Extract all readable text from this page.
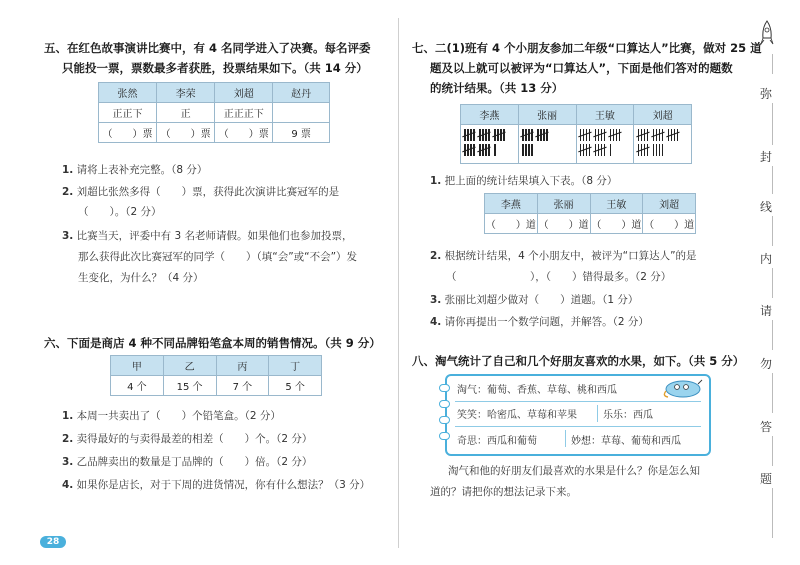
五、在红色故事演讲比赛中，有 4 名同学进入了决赛。每名评委
只能投一票，票数最多者获胜，投票结果如下。（共 14 分）
张然	李荣	刘超	赵丹
正正下	正	正正正下	
（　　）票	（　　）票	（　　）票	9 票
1. 请将上表补充完整。（8 分）
2. 刘超比张然多得（　　）票，获得此次演讲比赛冠军的是
（　　）。（2 分）
3. 比赛当天，评委中有 3 名老师请假。如果他们也参加投票，
那么获得此次比赛冠军的同学（　　）（填“会”或“不会”）发
生变化，为什么？（4 分）
六、下面是商店 4 种不同品牌铅笔盒本周的销售情况。（共 9 分）
甲	乙	丙	丁
4 个	15 个	7 个	5 个
1. 本周一共卖出了（　　）个铅笔盒。（2 分）
2. 卖得最好的与卖得最差的相差（　　）个。（2 分）
3. 乙品牌卖出的数量是丁品牌的（　　）倍。（2 分）
4. 如果你是店长，对于下周的进货情况，你有什么想法？（3 分）
28
七、二(1)班有 4 个小朋友参加二年级“口算达人”比赛，做对 25 道
题及以上就可以被评为“口算达人”，下面是他们答对的题数
的统计结果。（共 13 分）
李燕	张丽	王敏	刘超

1. 把上面的统计结果填入下表。（8 分）
李燕	张丽	王敏	刘超
（　　）道	（　　）道	（　　）道	（　　）道
2. 根据统计结果，4 个小朋友中，被评为“口算达人”的是
（　　　　　　　），（　　）错得最多。（2 分）
3. 张丽比刘超少做对（　　）道题。（1 分）
4. 请你再提出一个数学问题，并解答。（2 分）
八、淘气统计了自己和几个好朋友喜欢的水果，如下。（共 5 分）
淘气：葡萄、香蕉、草莓、桃和西瓜
笑笑：哈密瓜、草莓和苹果	乐乐：西瓜
奇思：西瓜和葡萄	妙想：草莓、葡萄和西瓜
淘气和他的好朋友们最喜欢的水果是什么？你是怎么知
道的？请把你的想法记录下来。
弥
封
线
内
请
勿
答
题
